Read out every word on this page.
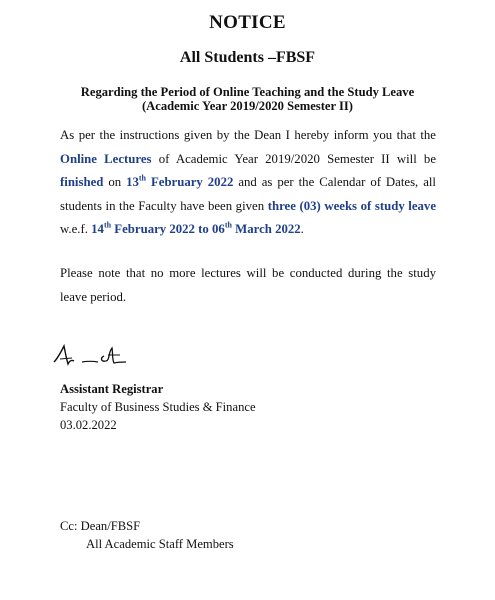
NOTICE
All Students –FBSF
Regarding the Period of Online Teaching and the Study Leave
(Academic Year 2019/2020 Semester II)

As per the instructions given by the Dean I hereby inform you that the Online Lectures of Academic Year 2019/2020 Semester II will be finished on 13th February 2022 and as per the Calendar of Dates, all students in the Faculty have been given three (03) weeks of study leave w.e.f. 14th February 2022 to 06th March 2022.

Please note that no more lectures will be conducted during the study leave period.

Assistant Registrar
Faculty of Business Studies & Finance
03.02.2022
Cc: Dean/FBSF
All Academic Staff Members
